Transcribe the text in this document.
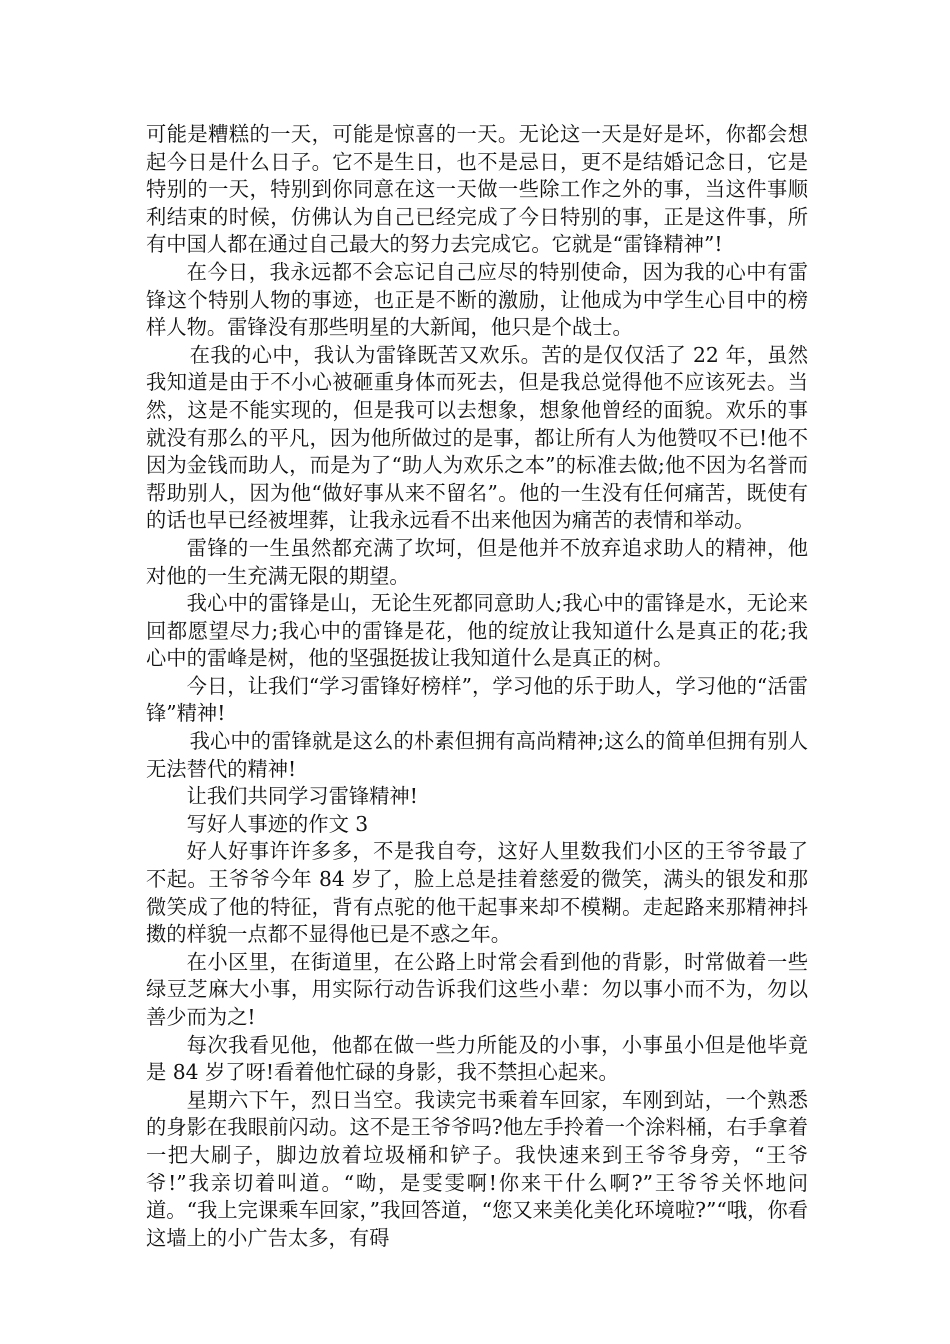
可能是糟糕的一天，可能是惊喜的一天。无论这一天是好是坏，你都会想起今日是什么日子。它不是生日，也不是忌日，更不是结婚记念日，它是特别的一天，特别到你同意在这一天做一些除工作之外的事，当这件事顺利结束的时候，仿佛认为自己已经完成了今日特别的事，正是这件事，所有中国人都在通过自己最大的努力去完成它。它就是“雷锋精神”!

在今日，我永远都不会忘记自己应尽的特别使命，因为我的心中有雷锋这个特别人物的事迹，也正是不断的激励，让他成为中学生心目中的榜样人物。雷锋没有那些明星的大新闻，他只是个战士。

在我的心中，我认为雷锋既苦又欢乐。苦的是仅仅活了 22 年，虽然我知道是由于不小心被砸重身体而死去，但是我总觉得他不应该死去。当然，这是不能实现的，但是我可以去想象，想象他曾经的面貌。欢乐的事就没有那么的平凡，因为他所做过的是事，都让所有人为他赞叹不已!他不因为金钱而助人，而是为了“助人为欢乐之本”的标准去做;他不因为名誉而帮助别人，因为他“做好事从来不留名”。他的一生没有任何痛苦，既使有的话也早已经被埋葬，让我永远看不出来他因为痛苦的表情和举动。

雷锋的一生虽然都充满了坎坷，但是他并不放弃追求助人的精神，他对他的一生充满无限的期望。

我心中的雷锋是山，无论生死都同意助人;我心中的雷锋是水，无论来回都愿望尽力;我心中的雷锋是花，他的绽放让我知道什么是真正的花;我心中的雷峰是树，他的坚强挺拔让我知道什么是真正的树。

今日，让我们“学习雷锋好榜样”，学习他的乐于助人，学习他的“活雷锋”精神!

我心中的雷锋就是这么的朴素但拥有高尚精神;这么的简单但拥有别人无法替代的精神!

让我们共同学习雷锋精神!

写好人事迹的作文 3

好人好事许许多多，不是我自夸，这好人里数我们小区的王爷爷最了不起。王爷爷今年 84 岁了，脸上总是挂着慈爱的微笑，满头的银发和那微笑成了他的特征，背有点驼的他干起事来却不模糊。走起路来那精神抖擞的样貌一点都不显得他已是不惑之年。

在小区里，在街道里，在公路上时常会看到他的背影，时常做着一些绿豆芝麻大小事，用实际行动告诉我们这些小辈：勿以事小而不为，勿以善少而为之!

每次我看见他，他都在做一些力所能及的小事，小事虽小但是他毕竟是 84 岁了呀!看着他忙碌的身影，我不禁担心起来。

星期六下午，烈日当空。我读完书乘着车回家，车刚到站，一个熟悉的身影在我眼前闪动。这不是王爷爷吗?他左手拎着一个涂料桶，右手拿着一把大刷子，脚边放着垃圾桶和铲子。我快速来到王爷爷身旁，“王爷爷!”我亲切着叫道。“呦，是雯雯啊!你来干什么啊?”王爷爷关怀地问道。“我上完课乘车回家，”我回答道，“您又来美化美化环境啦?”“哦，你看这墙上的小广告太多，有碍
